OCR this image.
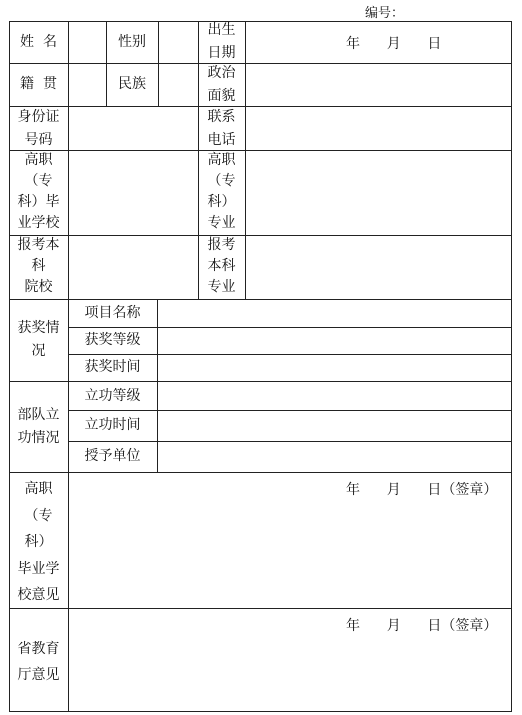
编号：
姓  名	性别
出生
日期
年      月      日
籍  贯	民族
政治
面貌
身份证
号码
联系
电话
高职
（专
科）毕
业学校
高职
（专
科）
专业
报考本
科
院校
报考
本科
专业
获奖情
况
项目名称
获奖等级
获奖时间
部队立
功情况
立功等级
立功时间
授予单位
高职
（专
科）
毕业学
校意见
年      月      日（签章）
省教育
厅意见
年      月      日（签章）
